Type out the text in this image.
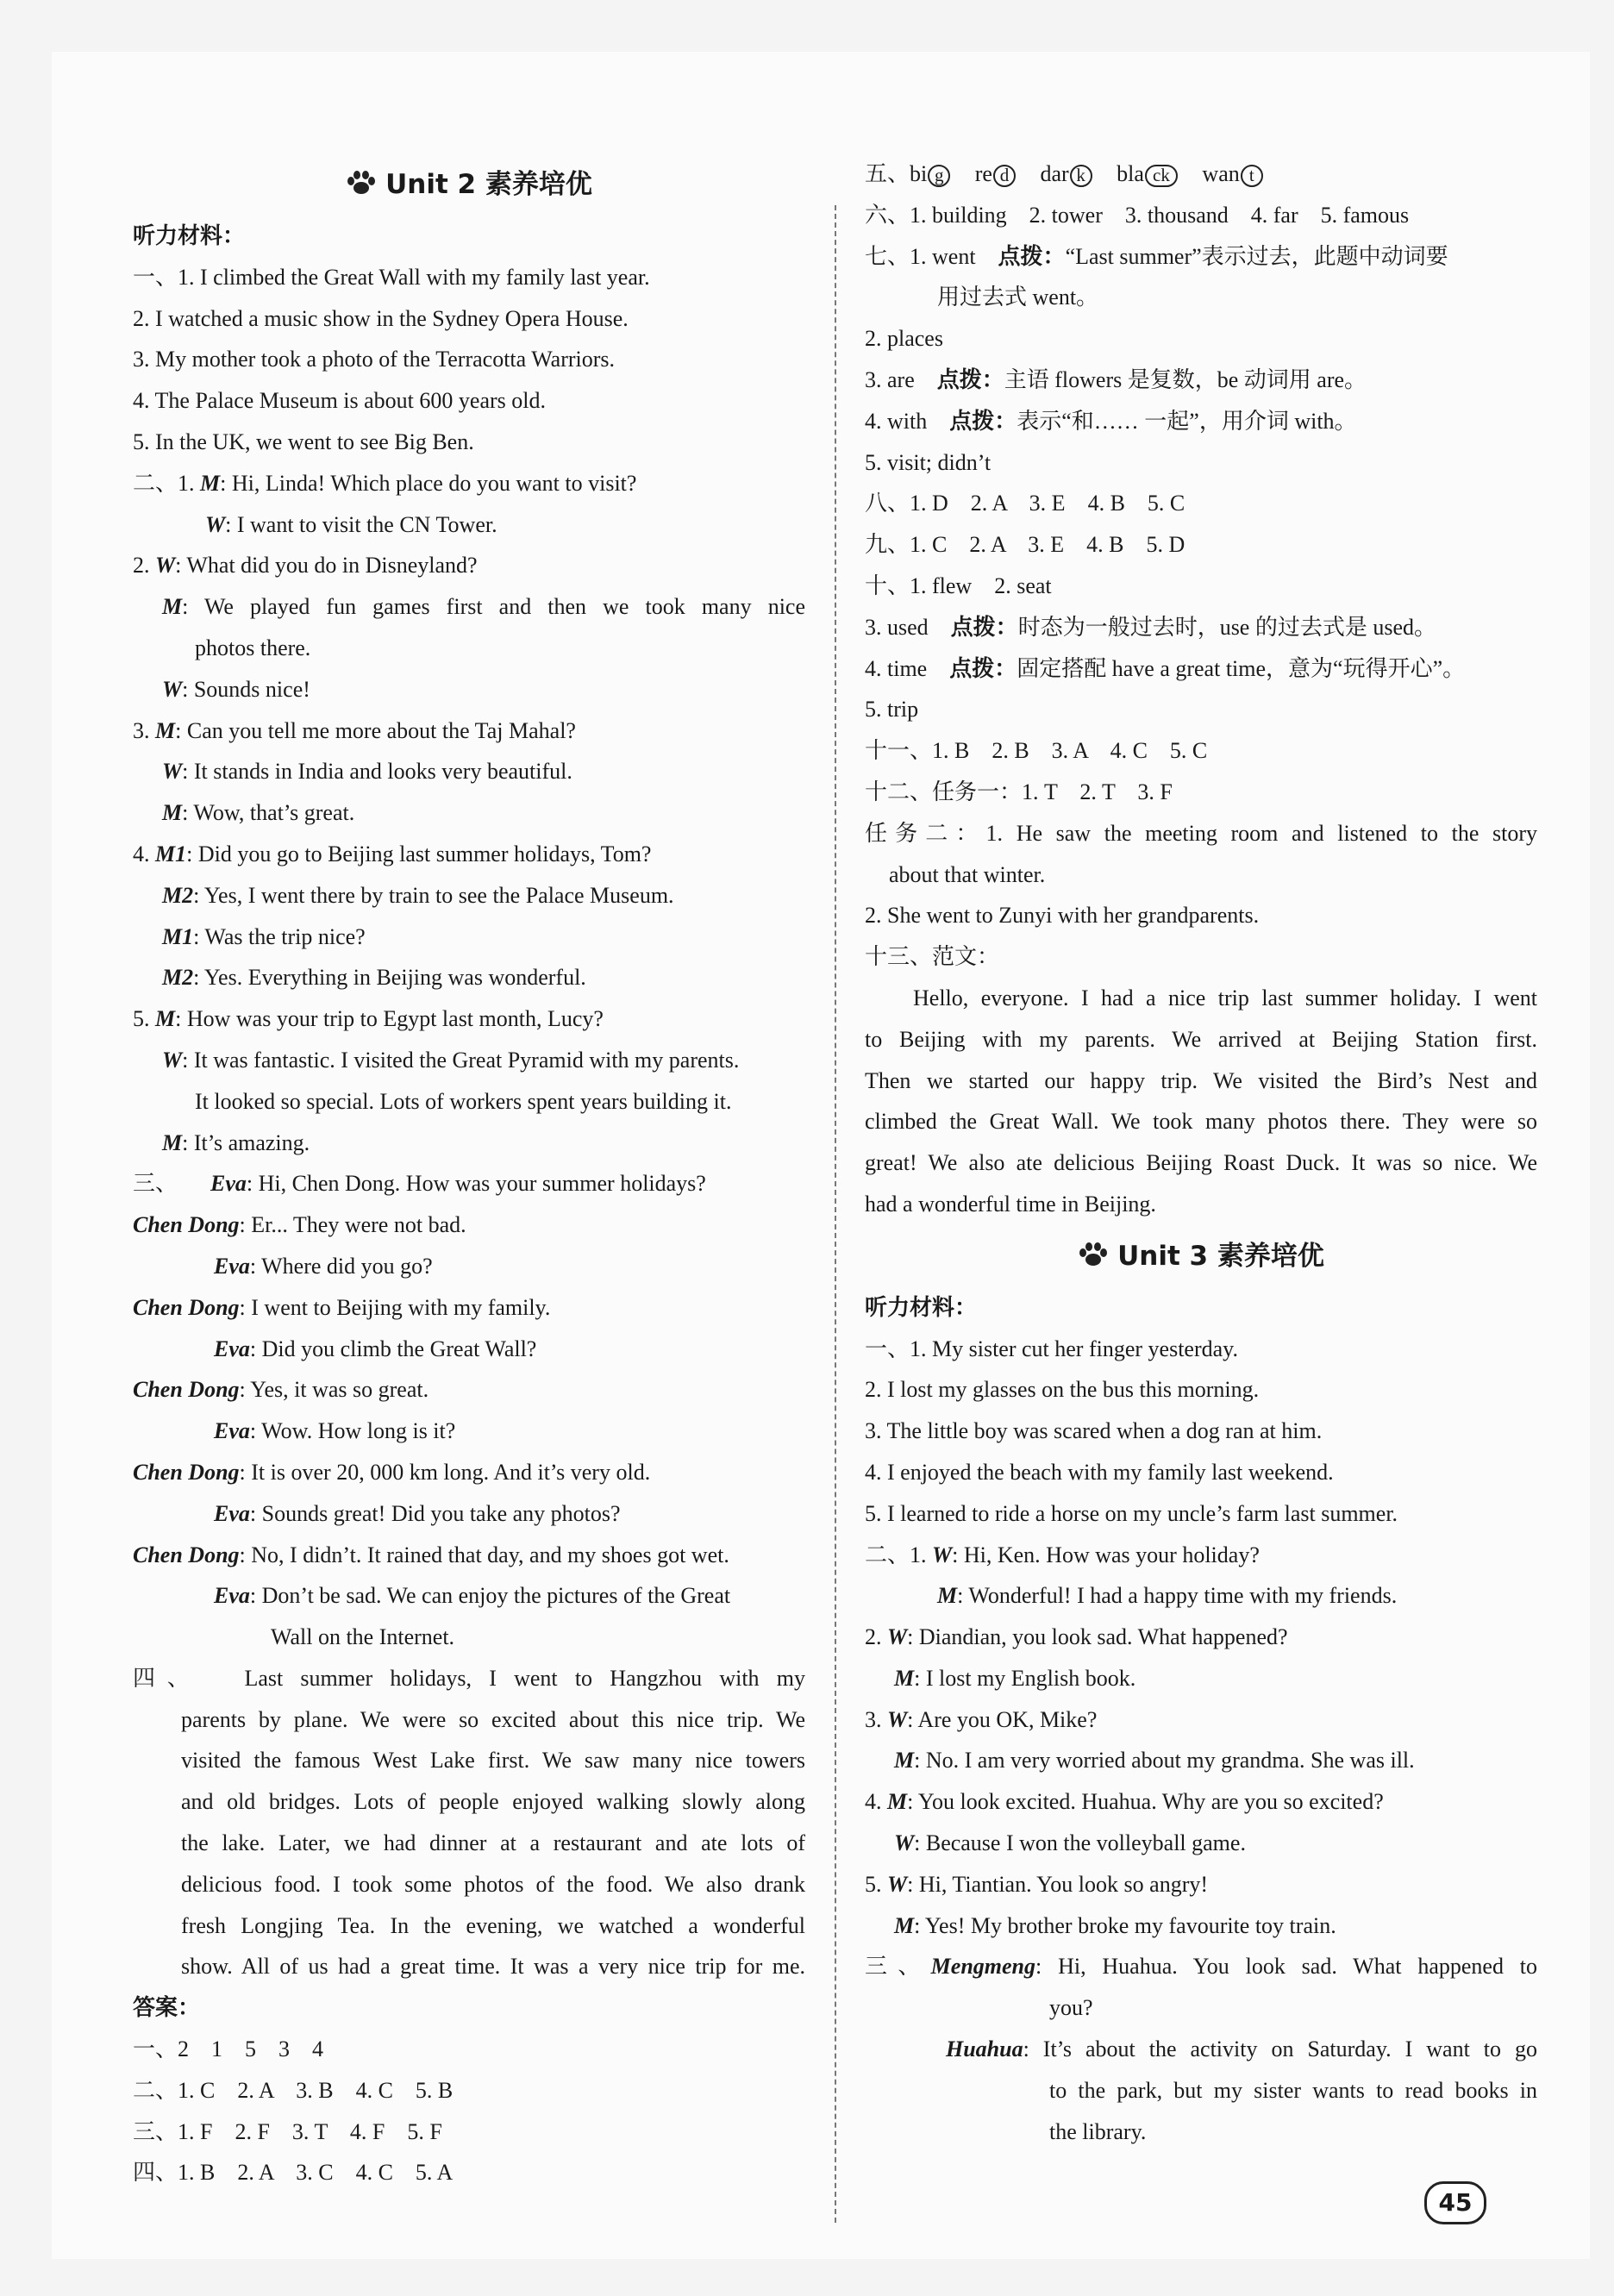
Unit 2 素养培优
听力材料：
一、1. I climbed the Great Wall with my family last year.
2. I watched a music show in the Sydney Opera House.
3. My mother took a photo of the Terracotta Warriors.
4. The Palace Museum is about 600 years old.
5. In the UK, we went to see Big Ben.
二、1. M: Hi, Linda! Which place do you want to visit?
W: I want to visit the CN Tower.
2. W: What did you do in Disneyland?
M: We played fun games first and then we took many nice
photos there.
W: Sounds nice!
3. M: Can you tell me more about the Taj Mahal?
W: It stands in India and looks very beautiful.
M: Wow, that’s great.
4. M1: Did you go to Beijing last summer holidays, Tom?
M2: Yes, I went there by train to see the Palace Museum.
M1: Was the trip nice?
M2: Yes. Everything in Beijing was wonderful.
5. M: How was your trip to Egypt last month, Lucy?
W: It was fantastic. I visited the Great Pyramid with my parents.
It looked so special. Lots of workers spent years building it.
M: It’s amazing.
三、 Eva: Hi, Chen Dong. How was your summer holidays?
Chen Dong: Er... They were not bad.
Eva: Where did you go?
Chen Dong: I went to Beijing with my family.
Eva: Did you climb the Great Wall?
Chen Dong: Yes, it was so great.
Eva: Wow. How long is it?
Chen Dong: It is over 20, 000 km long. And it’s very old.
Eva: Sounds great! Did you take any photos?
Chen Dong: No, I didn’t. It rained that day, and my shoes got wet.
Eva: Don’t be sad. We can enjoy the pictures of the Great
Wall on the Internet.
四、 Last summer holidays, I went to Hangzhou with my
parents by plane. We were so excited about this nice trip. We
visited the famous West Lake first. We saw many nice towers
and old bridges. Lots of people enjoyed walking slowly along
the lake. Later, we had dinner at a restaurant and ate lots of
delicious food. I took some photos of the food. We also drank
fresh Longjing Tea. In the evening, we watched a wonderful
show. All of us had a great time. It was a very nice trip for me.
答案：
一、2　1　5　3　4
二、1. C　2. A　3. B　4. C　5. B
三、1. F　2. F　3. T　4. F　5. F
四、1. B　2. A　3. C　4. C　5. A
五、bi g re d dar k bla ck wan t
六、1. building　2. tower　3. thousand　4. far　5. famous
七、1. went　点拨：“Last summer”表示过去，此题中动词要
用过去式 went。
2. places
3. are　点拨：主语 flowers 是复数，be 动词用 are。
4. with　点拨：表示“和…… 一起”，用介词 with。
5. visit; didn’t
八、1. D　2. A　3. E　4. B　5. C
九、1. C　2. A　3. E　4. B　5. D
十、1. flew　2. seat
3. used　点拨：时态为一般过去时，use 的过去式是 used。
4. time　点拨：固定搭配 have a great time，意为“玩得开心”。
5. trip
十一、1. B　2. B　3. A　4. C　5. C
十二、任务一：1. T　2. T　3. F
任务二：1. He saw the meeting room and listened to the story
about that winter.
2. She went to Zunyi with her grandparents.
十三、范文：
Hello, everyone. I had a nice trip last summer holiday. I went
to Beijing with my parents. We arrived at Beijing Station first.
Then we started our happy trip. We visited the Bird’s Nest and
climbed the Great Wall. We took many photos there. They were so
great! We also ate delicious Beijing Roast Duck. It was so nice. We
had a wonderful time in Beijing.
Unit 3 素养培优
听力材料：
一、1. My sister cut her finger yesterday.
2. I lost my glasses on the bus this morning.
3. The little boy was scared when a dog ran at him.
4. I enjoyed the beach with my family last weekend.
5. I learned to ride a horse on my uncle’s farm last summer.
二、1. W: Hi, Ken. How was your holiday?
M: Wonderful! I had a happy time with my friends.
2. W: Diandian, you look sad. What happened?
M: I lost my English book.
3. W: Are you OK, Mike?
M: No. I am very worried about my grandma. She was ill.
4. M: You look excited. Huahua. Why are you so excited?
W: Because I won the volleyball game.
5. W: Hi, Tiantian. You look so angry!
M: Yes! My brother broke my favourite toy train.
三、Mengmeng: Hi, Huahua. You look sad. What happened to
you?
Huahua: It’s about the activity on Saturday. I want to go
to the park, but my sister wants to read books in
the library.
45
